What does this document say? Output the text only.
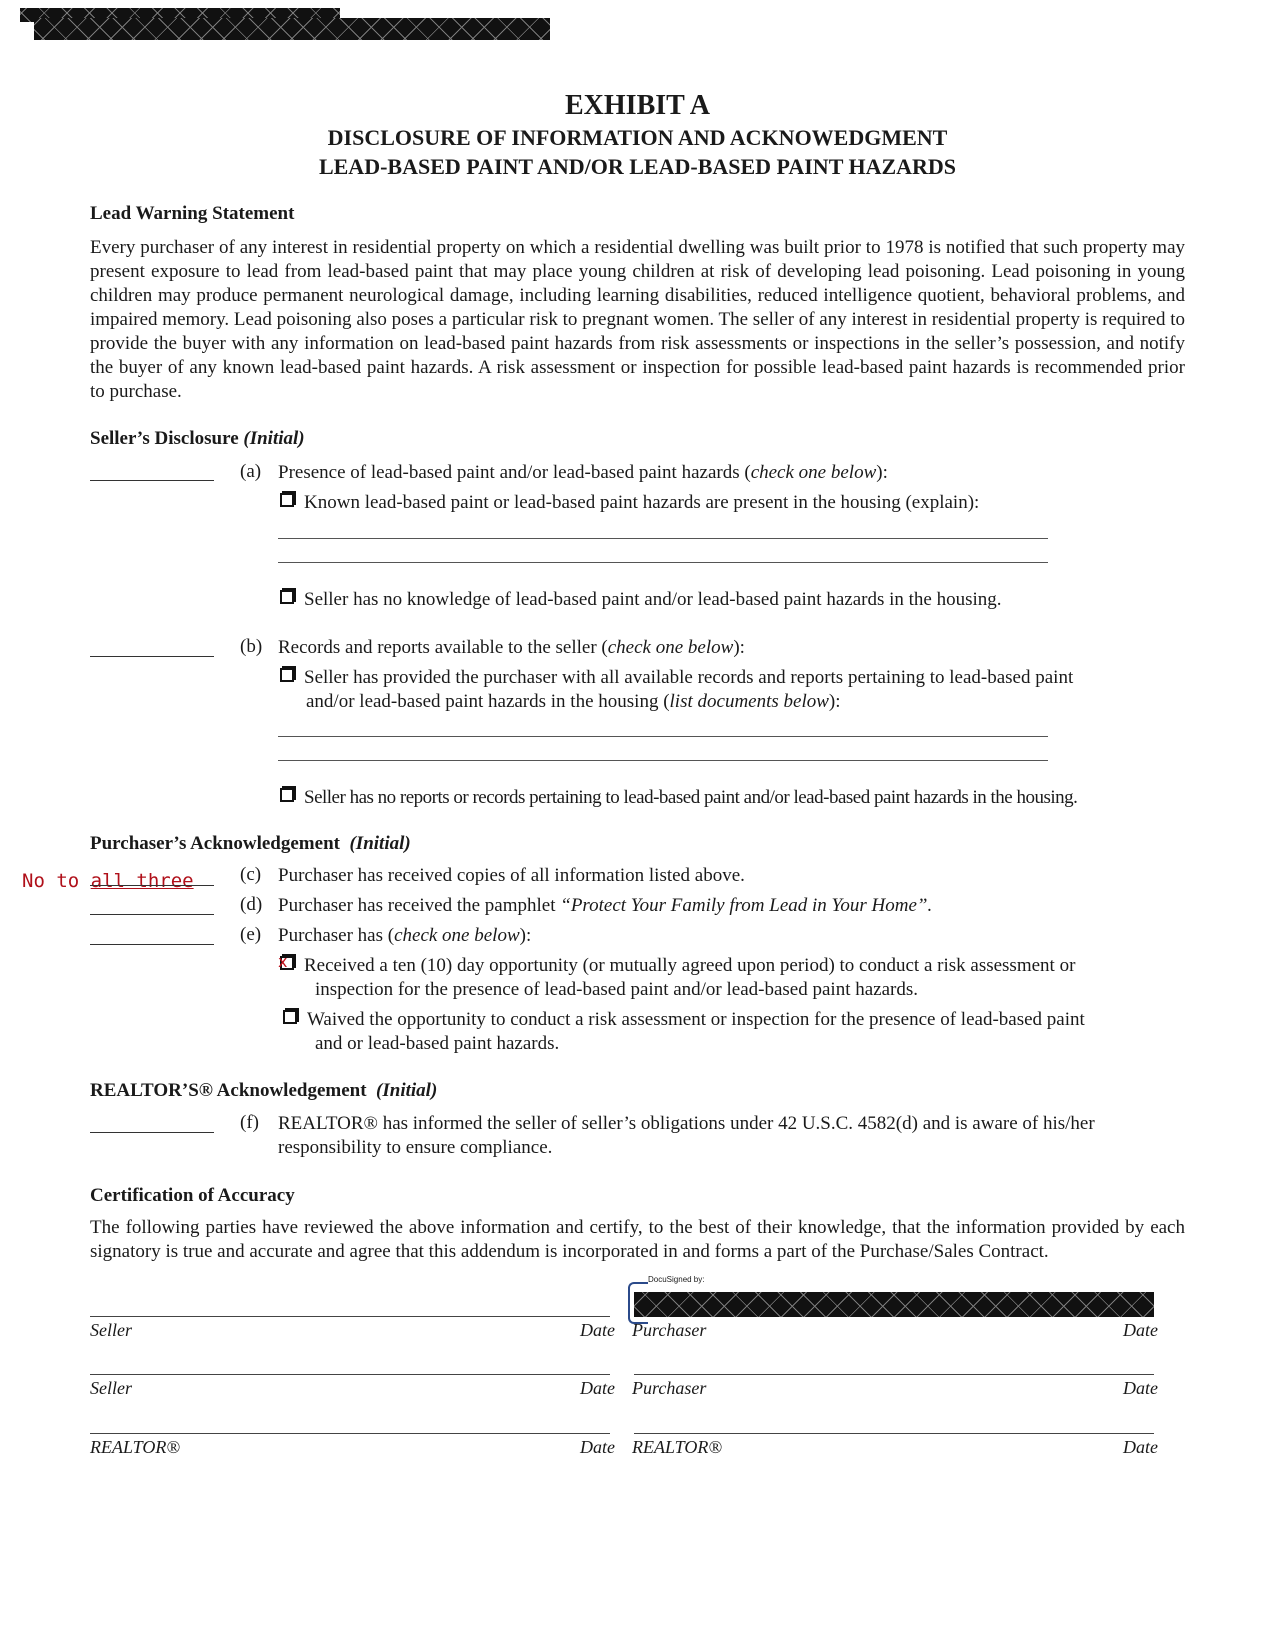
EXHIBIT A
DISCLOSURE OF INFORMATION AND ACKNOWEDGMENT
LEAD-BASED PAINT AND/OR LEAD-BASED PAINT HAZARDS
Lead Warning Statement

Every purchaser of any interest in residential property on which a residential dwelling was built prior to 1978 is notified that such property may present exposure to lead from lead-based paint that may place young children at risk of developing lead poisoning. Lead poisoning in young children may produce permanent neurological damage, including learning disabilities, reduced intelligence quotient, behavioral problems, and impaired memory. Lead poisoning also poses a particular risk to pregnant women. The seller of any interest in residential property is required to provide the buyer with any information on lead-based paint hazards from risk assessments or inspections in the seller’s possession, and notify the buyer of any known lead-based paint hazards. A risk assessment or inspection for possible lead-based paint hazards is recommended prior to purchase.

Seller’s Disclosure (Initial)
(a) Presence of lead-based paint and/or lead-based paint hazards (check one below):
Known lead-based paint or lead-based paint hazards are present in the housing (explain):
Seller has no knowledge of lead-based paint and/or lead-based paint hazards in the housing.
(b) Records and reports available to the seller (check one below):
Seller has provided the purchaser with all available records and reports pertaining to lead-based paint
and/or lead-based paint hazards in the housing (list documents below):
Seller has no reports or records pertaining to lead-based paint and/or lead-based paint hazards in the housing.
Purchaser’s Acknowledgement (Initial)
No to all three (c) Purchaser has received copies of all information listed above.
(d) Purchaser has received the pamphlet “Protect Your Family from Lead in Your Home”.
(e) Purchaser has (check one below):
x Received a ten (10) day opportunity (or mutually agreed upon period) to conduct a risk assessment or
inspection for the presence of lead-based paint and/or lead-based paint hazards.
Waived the opportunity to conduct a risk assessment or inspection for the presence of lead-based paint
and or lead-based paint hazards.
REALTOR’S® Acknowledgement (Initial)
(f) REALTOR® has informed the seller of seller’s obligations under 42 U.S.C. 4582(d) and is aware of his/her
responsibility to ensure compliance.
Certification of Accuracy

The following parties have reviewed the above information and certify, to the best of their knowledge, that the information provided by each signatory is true and accurate and agree that this addendum is incorporated in and forms a part of the Purchase/Sales Contract.

DocuSigned by:
Seller	Date Purchaser	Date
Seller	Date Purchaser	Date
REALTOR®	Date REALTOR®	Date
